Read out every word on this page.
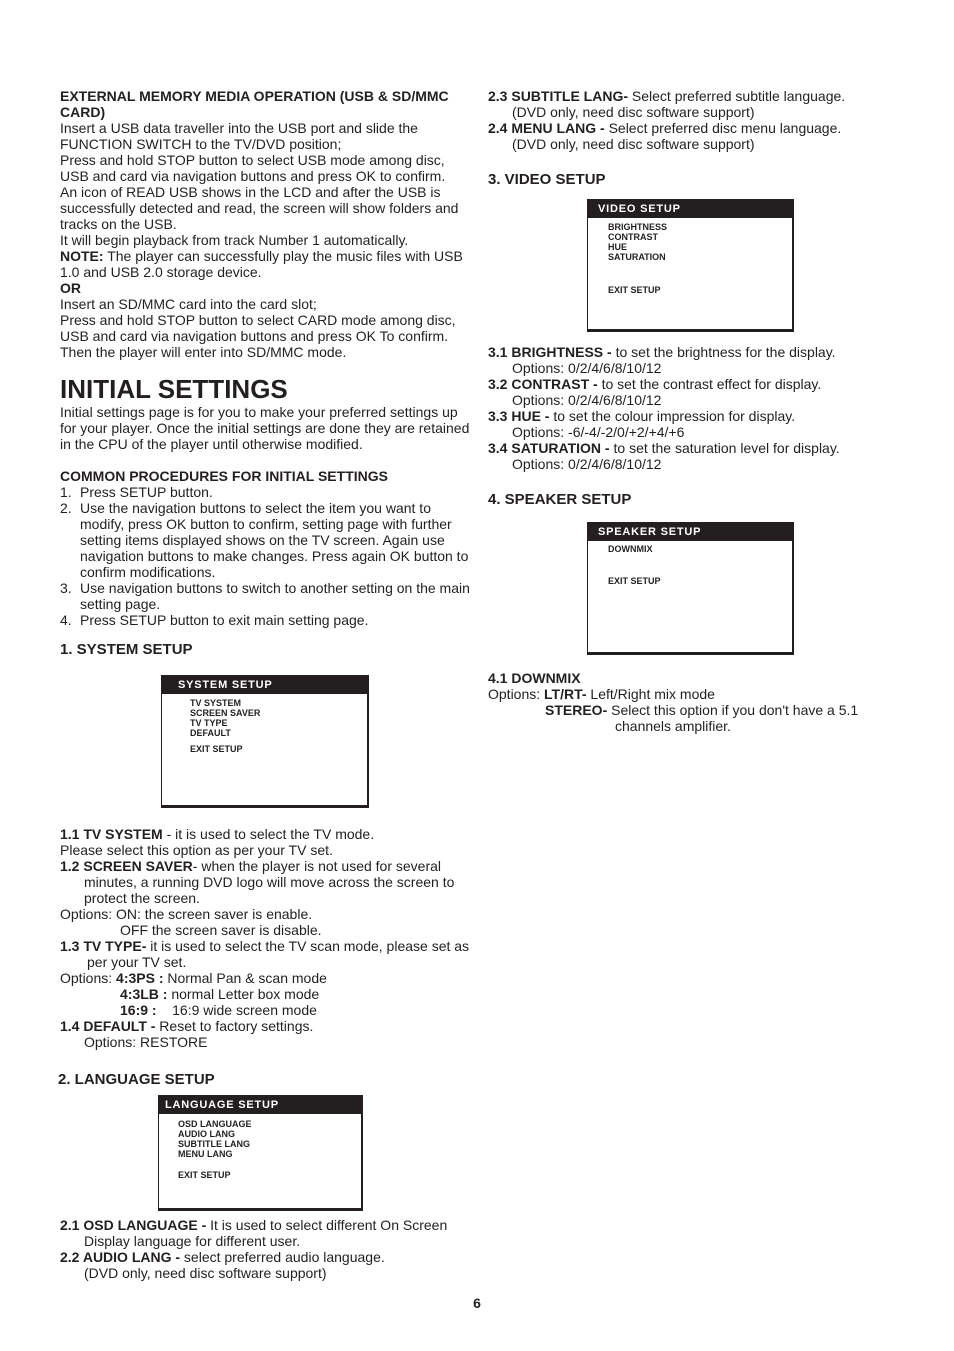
EXTERNAL MEMORY MEDIA OPERATION (USB & SD/MMC CARD)

Insert a USB data traveller into the USB port and slide the FUNCTION SWITCH to the TV/DVD position;

Press and hold STOP button to select USB mode among disc, USB and card via navigation buttons and press OK to confirm.

An icon of READ USB shows in the LCD and after the USB is successfully detected and read, the screen will show folders and tracks on the USB.

It will begin playback from track Number 1 automatically.

NOTE: The player can successfully play the music files with USB 1.0 and USB 2.0 storage device.

OR

Insert an SD/MMC card into the card slot;

Press and hold STOP button to select CARD mode among disc, USB and card via navigation buttons and press OK To confirm. Then the player will enter into SD/MMC mode.

INITIAL SETTINGS

Initial settings page is for you to make your preferred settings up for your player. Once the initial settings are done they are retained in the CPU of the player until otherwise modified.

COMMON PROCEDURES FOR INITIAL SETTINGS

1. Press SETUP button.
2. Use the navigation buttons to select the item you want to modify, press OK button to confirm, setting page with further setting items displayed shows on the TV screen. Again use navigation buttons to make changes. Press again OK button to confirm modifications.
3. Use navigation buttons to switch to another setting on the main setting page.
4. Press SETUP button to exit main setting page.

1. SYSTEM SETUP

SYSTEM SETUP
TV SYSTEM
SCREEN SAVER
TV TYPE
DEFAULT
EXIT SETUP

1.1 TV SYSTEM - it is used to select the TV mode.

Please select this option as per your TV set.

1.2 SCREEN SAVER- when the player is not used for several minutes, a running DVD logo will move across the screen to protect the screen.

Options: ON: the screen saver is enable.

OFF the screen saver is disable.

1.3 TV TYPE- it is used to select the TV scan mode, please set as per your TV set.

Options: 4:3PS : Normal Pan & scan mode

4:3LB : normal Letter box mode

16:9 :    16:9 wide screen mode

1.4 DEFAULT - Reset to factory settings.

Options: RESTORE

2. LANGUAGE SETUP

LANGUAGE SETUP
OSD LANGUAGE
AUDIO LANG
SUBTITLE LANG
MENU LANG
EXIT SETUP

2.1 OSD LANGUAGE - It is used to select different On Screen Display language for different user.

2.2 AUDIO LANG - select preferred audio language.

(DVD only, need disc software support)

2.3 SUBTITLE LANG- Select preferred subtitle language.

(DVD only, need disc software support)

2.4 MENU LANG - Select preferred disc menu language.

(DVD only, need disc software support)

3. VIDEO SETUP

VIDEO SETUP
BRIGHTNESS
CONTRAST
HUE
SATURATION
EXIT SETUP

3.1 BRIGHTNESS - to set the brightness for the display.

Options: 0/2/4/6/8/10/12

3.2 CONTRAST - to set the contrast effect for display.

Options: 0/2/4/6/8/10/12

3.3 HUE - to set the colour impression for display.

Options: -6/-4/-2/0/+2/+4/+6

3.4 SATURATION - to set the saturation level for display.

Options: 0/2/4/6/8/10/12

4. SPEAKER SETUP

SPEAKER SETUP
DOWNMIX
EXIT SETUP

4.1 DOWNMIX

Options: LT/RT- Left/Right mix mode

STEREO- Select this option if you don't have a 5.1 channels amplifier.

6
